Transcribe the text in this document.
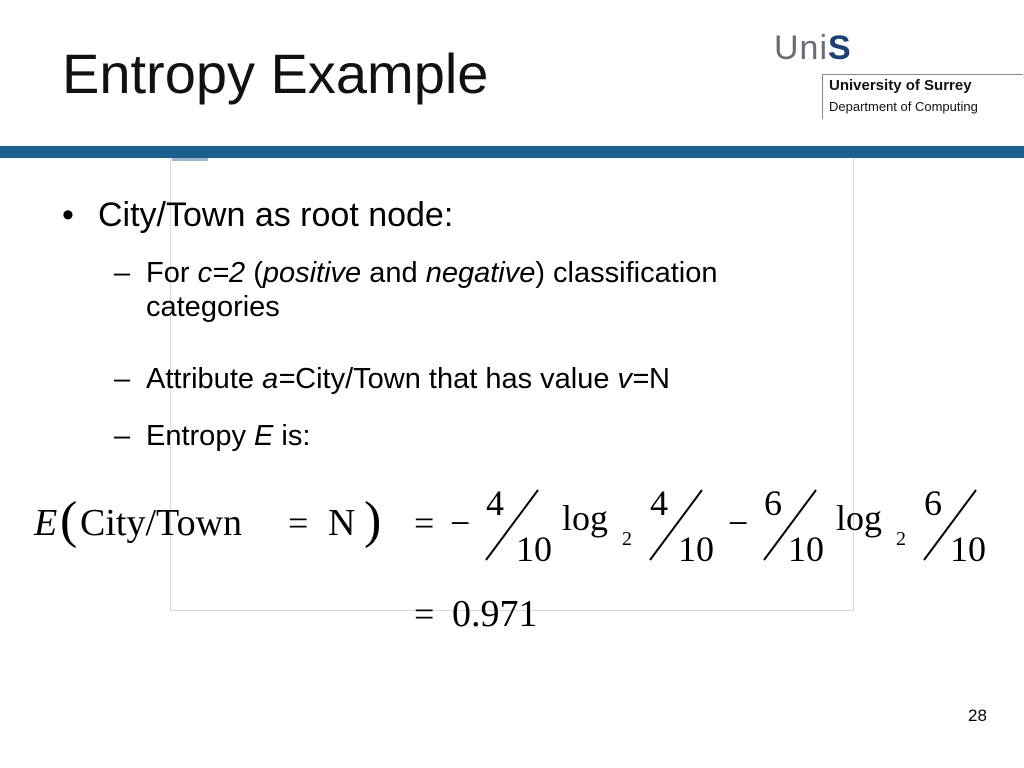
Entropy Example	UniS
University of Surrey
Department of Computing
• City/Town as root node:
– For c=2 (positive and negative) classification
categories
– Attribute a=City/Town that has value v=N
– Entropy E is:
E ( City/Town = N ) = − 4
10
log
2
4
10
− 6
10
log
2
6
10
= 0.971
28
